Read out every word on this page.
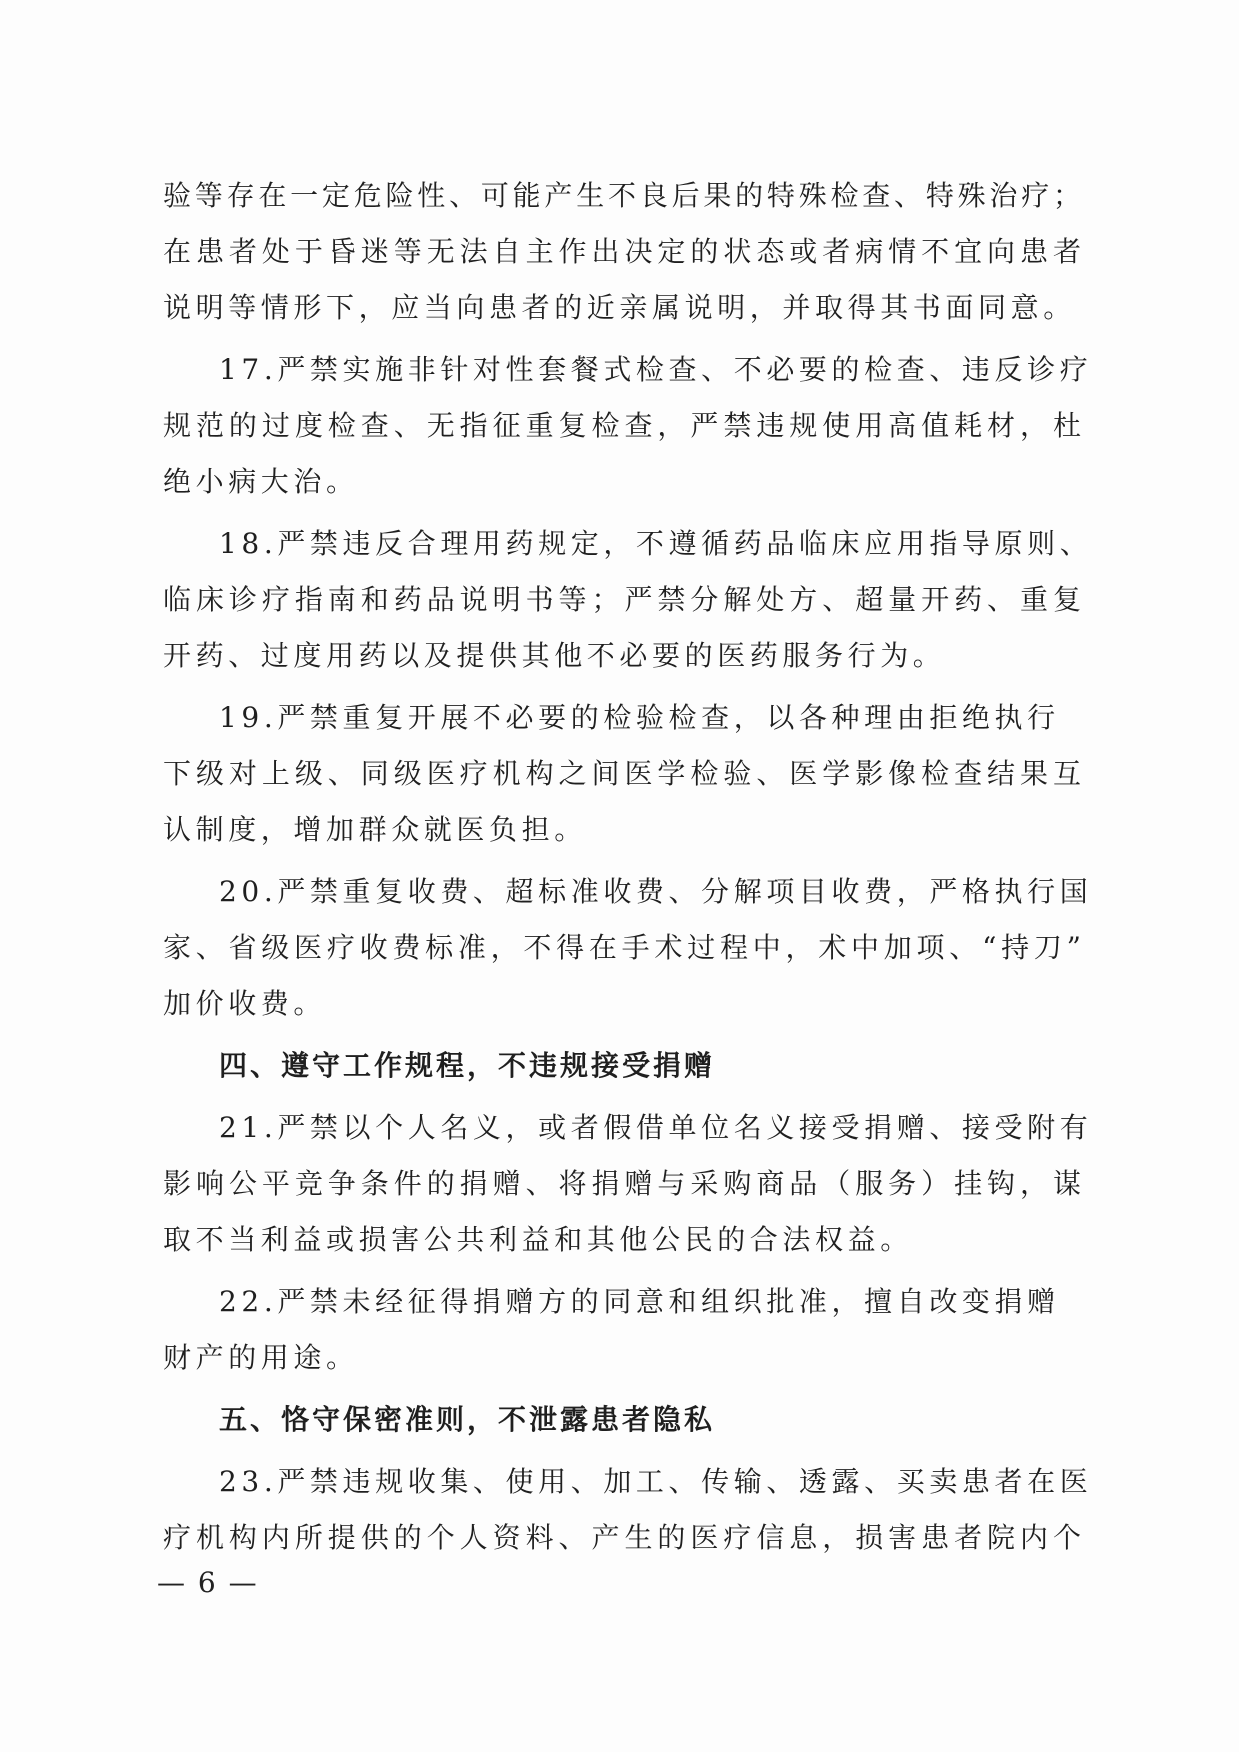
验等存在一定危险性、可能产生不良后果的特殊检查、特殊治疗；
在患者处于昏迷等无法自主作出决定的状态或者病情不宜向患者
说明等情形下，应当向患者的近亲属说明，并取得其书面同意。
17.严禁实施非针对性套餐式检查、不必要的检查、违反诊疗
规范的过度检查、无指征重复检查，严禁违规使用高值耗材，杜
绝小病大治。
18.严禁违反合理用药规定，不遵循药品临床应用指导原则、
临床诊疗指南和药品说明书等；严禁分解处方、超量开药、重复
开药、过度用药以及提供其他不必要的医药服务行为。
19.严禁重复开展不必要的检验检查，以各种理由拒绝执行
下级对上级、同级医疗机构之间医学检验、医学影像检查结果互
认制度，增加群众就医负担。
20.严禁重复收费、超标准收费、分解项目收费，严格执行国
家、省级医疗收费标准，不得在手术过程中，术中加项、“持刀”
加价收费。
四、遵守工作规程，不违规接受捐赠
21.严禁以个人名义，或者假借单位名义接受捐赠、接受附有
影响公平竞争条件的捐赠、将捐赠与采购商品（服务）挂钩，谋
取不当利益或损害公共利益和其他公民的合法权益。
22.严禁未经征得捐赠方的同意和组织批准，擅自改变捐赠
财产的用途。
五、恪守保密准则，不泄露患者隐私
23.严禁违规收集、使用、加工、传输、透露、买卖患者在医
疗机构内所提供的个人资料、产生的医疗信息，损害患者院内个
— 6 —
